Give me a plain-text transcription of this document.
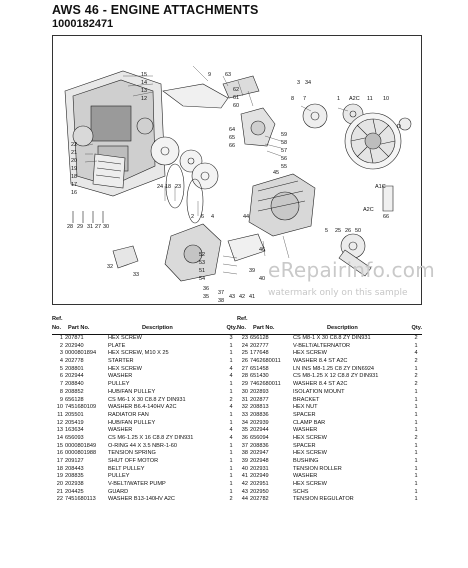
AWS 46 - ENGINE ATTACHMENTS
1000182471
15
14
13
12
9	63
62
61
60
8 7	1 A2C 11 10
59
58
57
56
55
64
65
66
A1C
22
21
20
19
18
17
16
28 29 31 27 30
24 18 23
2 6 4	44
45
46
66
52
53
51
54
36
35
37
38
32
33
39
40
43 42 41
5 25 26 50
D
A2C
3 34
eRepairinfo.com
watermark only on this sample
Ref.
No. Part No.	Description	Qty.
1 207871	HEX SCREW	3
2 202940	PLATE	1
3 0000801894 HEX SCREW, M10 X 25	1
4 202778	STARTER	1
5 208801	HEX SCREW	4
6 202944	WASHER	4
7 208840	PULLEY	1
8 208852	HUB/FAN PULLEY	1
9 656128	CS M6-1 X 30 C8.8 ZY DIN931	2
10 7451680109 WASHER B6.4-140HV A2C	4
11 205501	RADIATOR FAN	1
12 205419	HUB/FAN PULLEY	1
13 163634	WASHER	4
14 656093	CS M6-1.25 X 16 C8.8 ZY DIN931	4
15 0000801849 O-RING 44 X 3.5 NBR-1-60	1
16 0000801988 TENSION SPRING	1
17 209127	SHUT OFF MOTOR	1
18 208443	BELT PULLEY	1
19 208835	PULLEY	1
20 202938	V-BELT/WATER PUMP	1
21 204425	GUARD	1
22 7451680113 WASHER B13-140HV A2C	2
Ref.
No. Part No.	Description	Qty.
23 656128	CS M8-1 X 30 C8.8 ZY DIN931	2
24 202777	V-BELT/ALTERNATOR	1
25 177648	HEX SCREW	4
26 7462680011 WASHER 8.4 ST A2C	2
27 651458	LN INS M8-1.25 C8 ZY DIN6924	1
28 651430	CS M8-1.25 X 12 C8.8 ZY DIN931	2
29 7462680011 WASHER 8.4 ST A2C	2
30 202893	ISOLATION MOUNT	1
31 202877	BRACKET	1
32 208813	HEX NUT	1
33 208836	SPACER	1
34 202939	CLAMP BAR	1
35 202944	WASHER	1
36 656094	HEX SCREW	2
37 208836	SPACER	1
38 202947	HEX SCREW	1
39 202948	BUSHING	1
40 202931	TENSION ROLLER	1
41 202949	WASHER	1
42 202951	HEX SCREW	1
43 202950	SCHS	1
44 202782	TENSION REGULATOR	1
